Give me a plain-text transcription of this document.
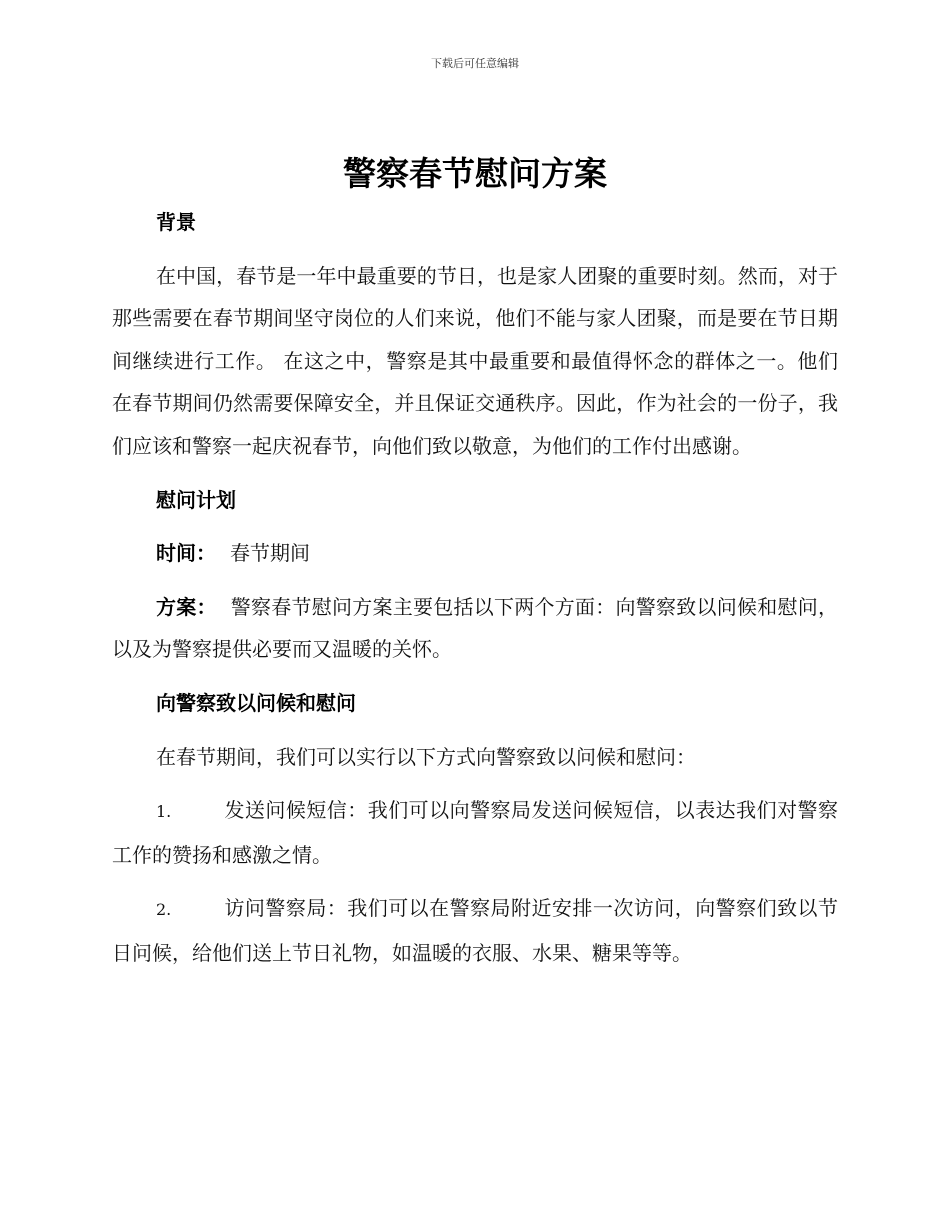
下载后可任意编辑
警察春节慰问方案
背景

在中国，春节是一年中最重要的节日，也是家人团聚的重要时刻。然而，对于那些需要在春节期间坚守岗位的人们来说，他们不能与家人团聚，而是要在节日期间继续进行工作。 在这之中，警察是其中最重要和最值得怀念的群体之一。他们在春节期间仍然需要保障安全，并且保证交通秩序。因此，作为社会的一份子，我们应该和警察一起庆祝春节，向他们致以敬意，为他们的工作付出感谢。

慰问计划

时间： 春节期间

方案： 警察春节慰问方案主要包括以下两个方面：向警察致以问候和慰问，以及为警察提供必要而又温暖的关怀。

向警察致以问候和慰问

在春节期间，我们可以实行以下方式向警察致以问候和慰问：

1.	发送问候短信：我们可以向警察局发送问候短信，以表达我们对警察工作的赞扬和感激之情。

2.	访问警察局：我们可以在警察局附近安排一次访问，向警察们致以节日问候，给他们送上节日礼物，如温暖的衣服、水果、糖果等等。
